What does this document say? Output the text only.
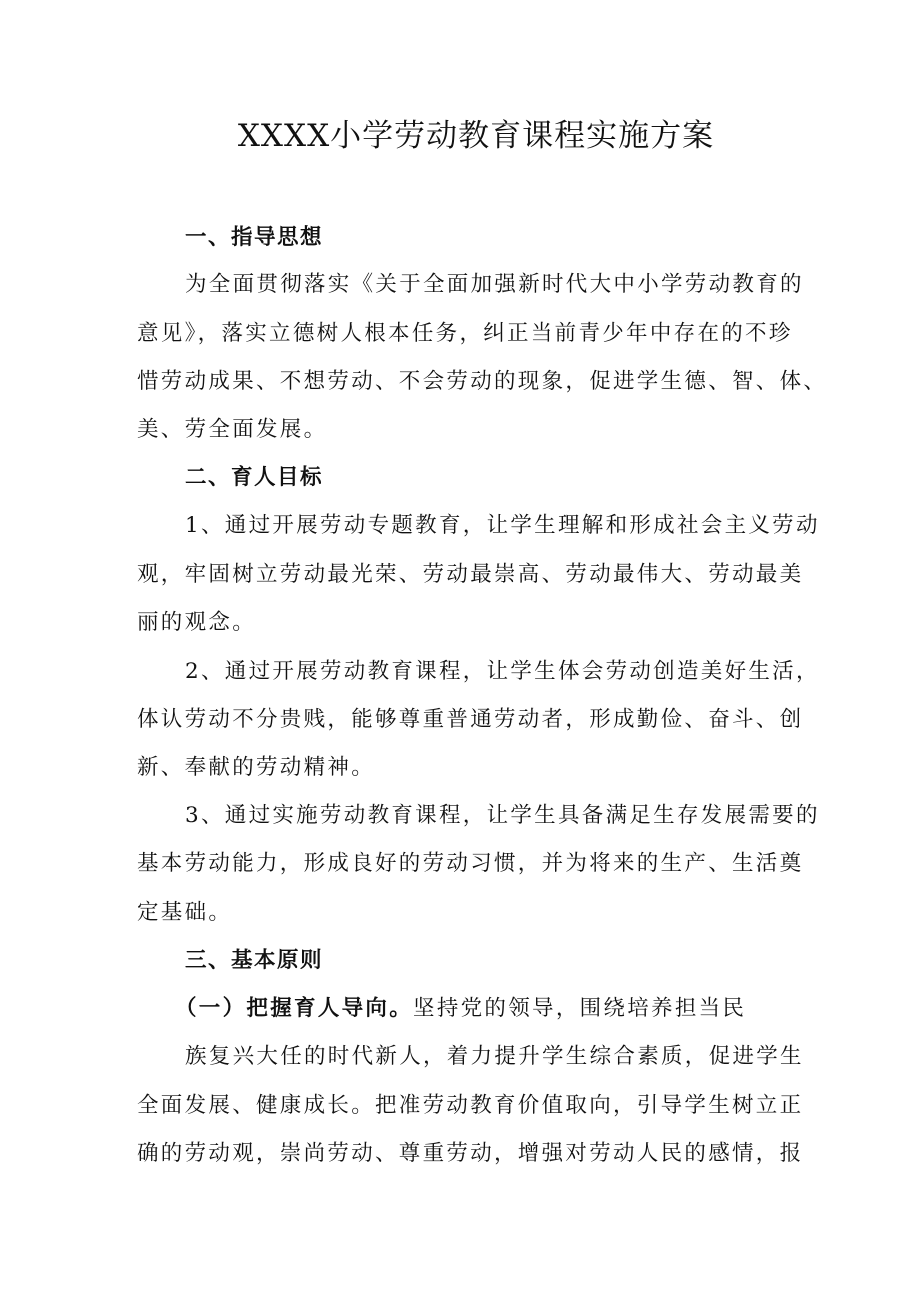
XXXX小学劳动教育课程实施方案
一、指导思想
为全面贯彻落实《关于全面加强新时代大中小学劳动教育的
意见》，落实立德树人根本任务，纠正当前青少年中存在的不珍
惜劳动成果、不想劳动、不会劳动的现象，促进学生德、智、体、
美、劳全面发展。
二、育人目标
1、通过开展劳动专题教育，让学生理解和形成社会主义劳动
观，牢固树立劳动最光荣、劳动最崇高、劳动最伟大、劳动最美
丽的观念。
2、通过开展劳动教育课程，让学生体会劳动创造美好生活，
体认劳动不分贵贱，能够尊重普通劳动者，形成勤俭、奋斗、创
新、奉献的劳动精神。
3、通过实施劳动教育课程，让学生具备满足生存发展需要的
基本劳动能力，形成良好的劳动习惯，并为将来的生产、生活奠
定基础。
三、基本原则
（一）把握育人导向。坚持党的领导，围绕培养担当民
族复兴大任的时代新人，着力提升学生综合素质，促进学生
全面发展、健康成长。把准劳动教育价值取向，引导学生树立正
确的劳动观，崇尚劳动、尊重劳动，增强对劳动人民的感情，报
